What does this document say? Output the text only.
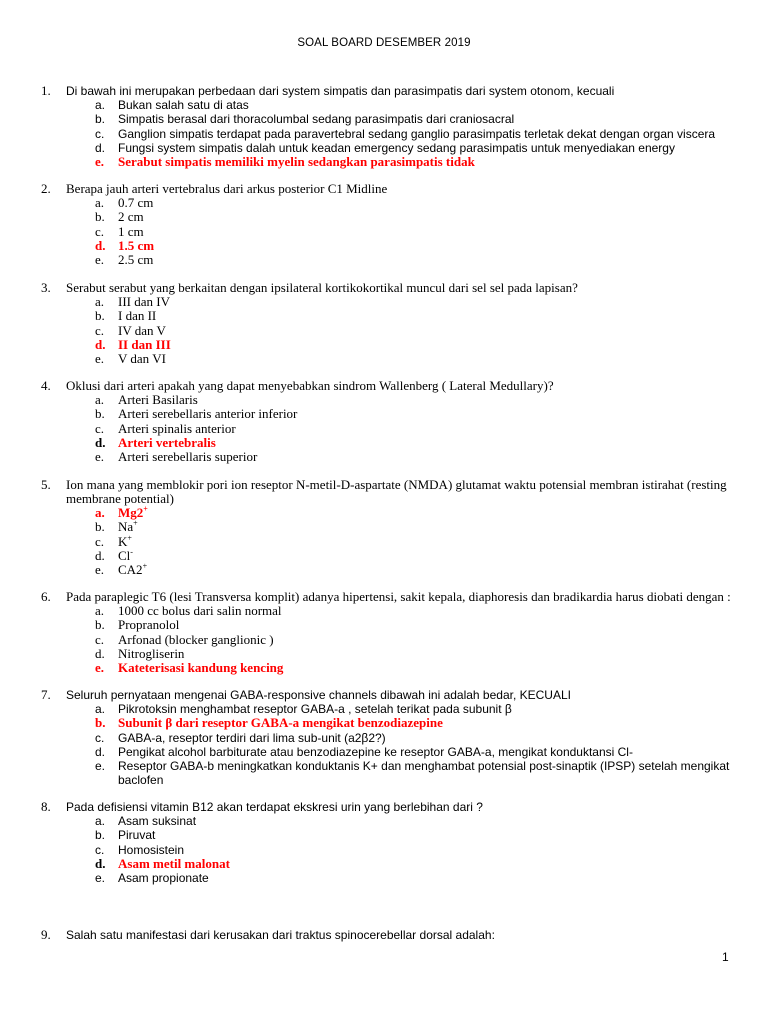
SOAL BOARD DESEMBER 2019
1. Di bawah ini merupakan perbedaan dari system simpatis dan parasimpatis dari system otonom, kecuali
a. Bukan salah satu di atas
b. Simpatis berasal dari thoracolumbal sedang parasimpatis dari craniosacral
c. Ganglion simpatis terdapat pada paravertebral sedang ganglio parasimpatis terletak dekat dengan organ viscera
d. Fungsi system simpatis dalah untuk keadan emergency sedang parasimpatis untuk menyediakan energy
e. Serabut simpatis memiliki myelin sedangkan parasimpatis tidak
2. Berapa jauh arteri vertebralus dari arkus posterior C1 Midline
a. 0.7 cm
b. 2 cm
c. 1 cm
d. 1.5 cm
e. 2.5 cm
3. Serabut serabut yang berkaitan dengan ipsilateral kortikokortikal muncul dari sel sel pada lapisan?
a. III dan IV
b. I dan II
c. IV dan V
d. II dan III
e. V dan VI
4. Oklusi dari arteri apakah yang dapat menyebabkan sindrom Wallenberg ( Lateral Medullary)?
a. Arteri Basilaris
b. Arteri serebellaris anterior inferior
c. Arteri spinalis anterior
d. Arteri vertebralis
e. Arteri serebellaris superior
5. Ion mana yang memblokir pori ion reseptor N-metil-D-aspartate (NMDA) glutamat waktu potensial membran istirahat (resting membrane potential)
a. Mg2+
b. Na+
c. K+
d. Cl-
e. CA2+
6. Pada paraplegic T6 (lesi Transversa komplit) adanya hipertensi, sakit kepala, diaphoresis dan bradikardia harus diobati dengan :
a. 1000 cc bolus dari salin normal
b. Propranolol
c. Arfonad (blocker ganglionic )
d. Nitrogliserin
e. Kateterisasi kandung kencing
7. Seluruh pernyataan mengenai GABA-responsive channels dibawah ini adalah bedar, KECUALI
a. Pikrotoksin menghambat reseptor GABA-a , setelah terikat pada subunit β
b. Subunit β dari reseptor GABA-a mengikat benzodiazepine
c. GABA-a, reseptor terdiri dari lima sub-unit (a2β2?)
d. Pengikat alcohol barbiturate atau benzodiazepine ke reseptor GABA-a, mengikat konduktansi Cl-
e. Reseptor GABA-b meningkatkan konduktanis K+ dan menghambat potensial post-sinaptik (IPSP) setelah mengikat baclofen
8. Pada defisiensi vitamin B12 akan terdapat ekskresi urin yang berlebihan dari ?
a. Asam suksinat
b. Piruvat
c. Homosistein
d. Asam metil malonat
e. Asam propionate
9. Salah satu manifestasi dari kerusakan dari traktus spinocerebellar dorsal adalah:
1
